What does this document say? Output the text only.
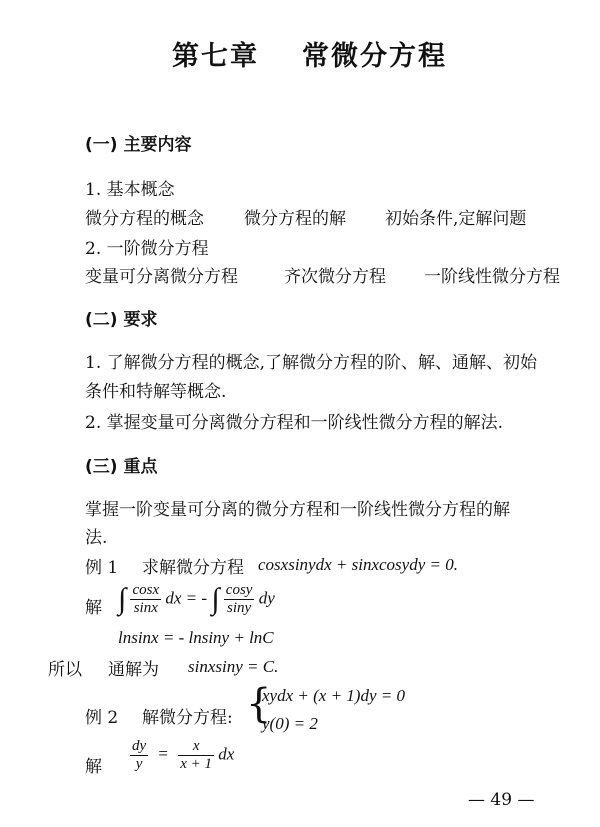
第七章 常微分方程
(一) 主要内容
1. 基本概念
微分方程的概念 微分方程的解 初始条件,定解问题
2. 一阶微分方程
变量可分离微分方程	齐次微分方程 一阶线性微分方程
(二) 要求
1. 了解微分方程的概念,了解微分方程的阶、解、通解、初始
条件和特解等概念.
2. 掌握变量可分离微分方程和一阶线性微分方程的解法.
(三) 重点
掌握一阶变量可分离的微分方程和一阶线性微分方程的解
法.
例 1 求解微分方程 cosxsinydx + sinxcosydy = 0.
解 ∫ $\frac{\cos x}{\sin x}$ dx = - ∫ $\frac{\cos y}{\sin y}$ dy
lnsinx = - lnsiny + lnC
所以 通解为 sinxsiny = C.
例 2 解微分方程: {
xydx + (x + 1)dy = 0
y(0) = 2
解 $\frac{dy}{y} = \frac{x}{x + 1}$ dx
— 49 —
